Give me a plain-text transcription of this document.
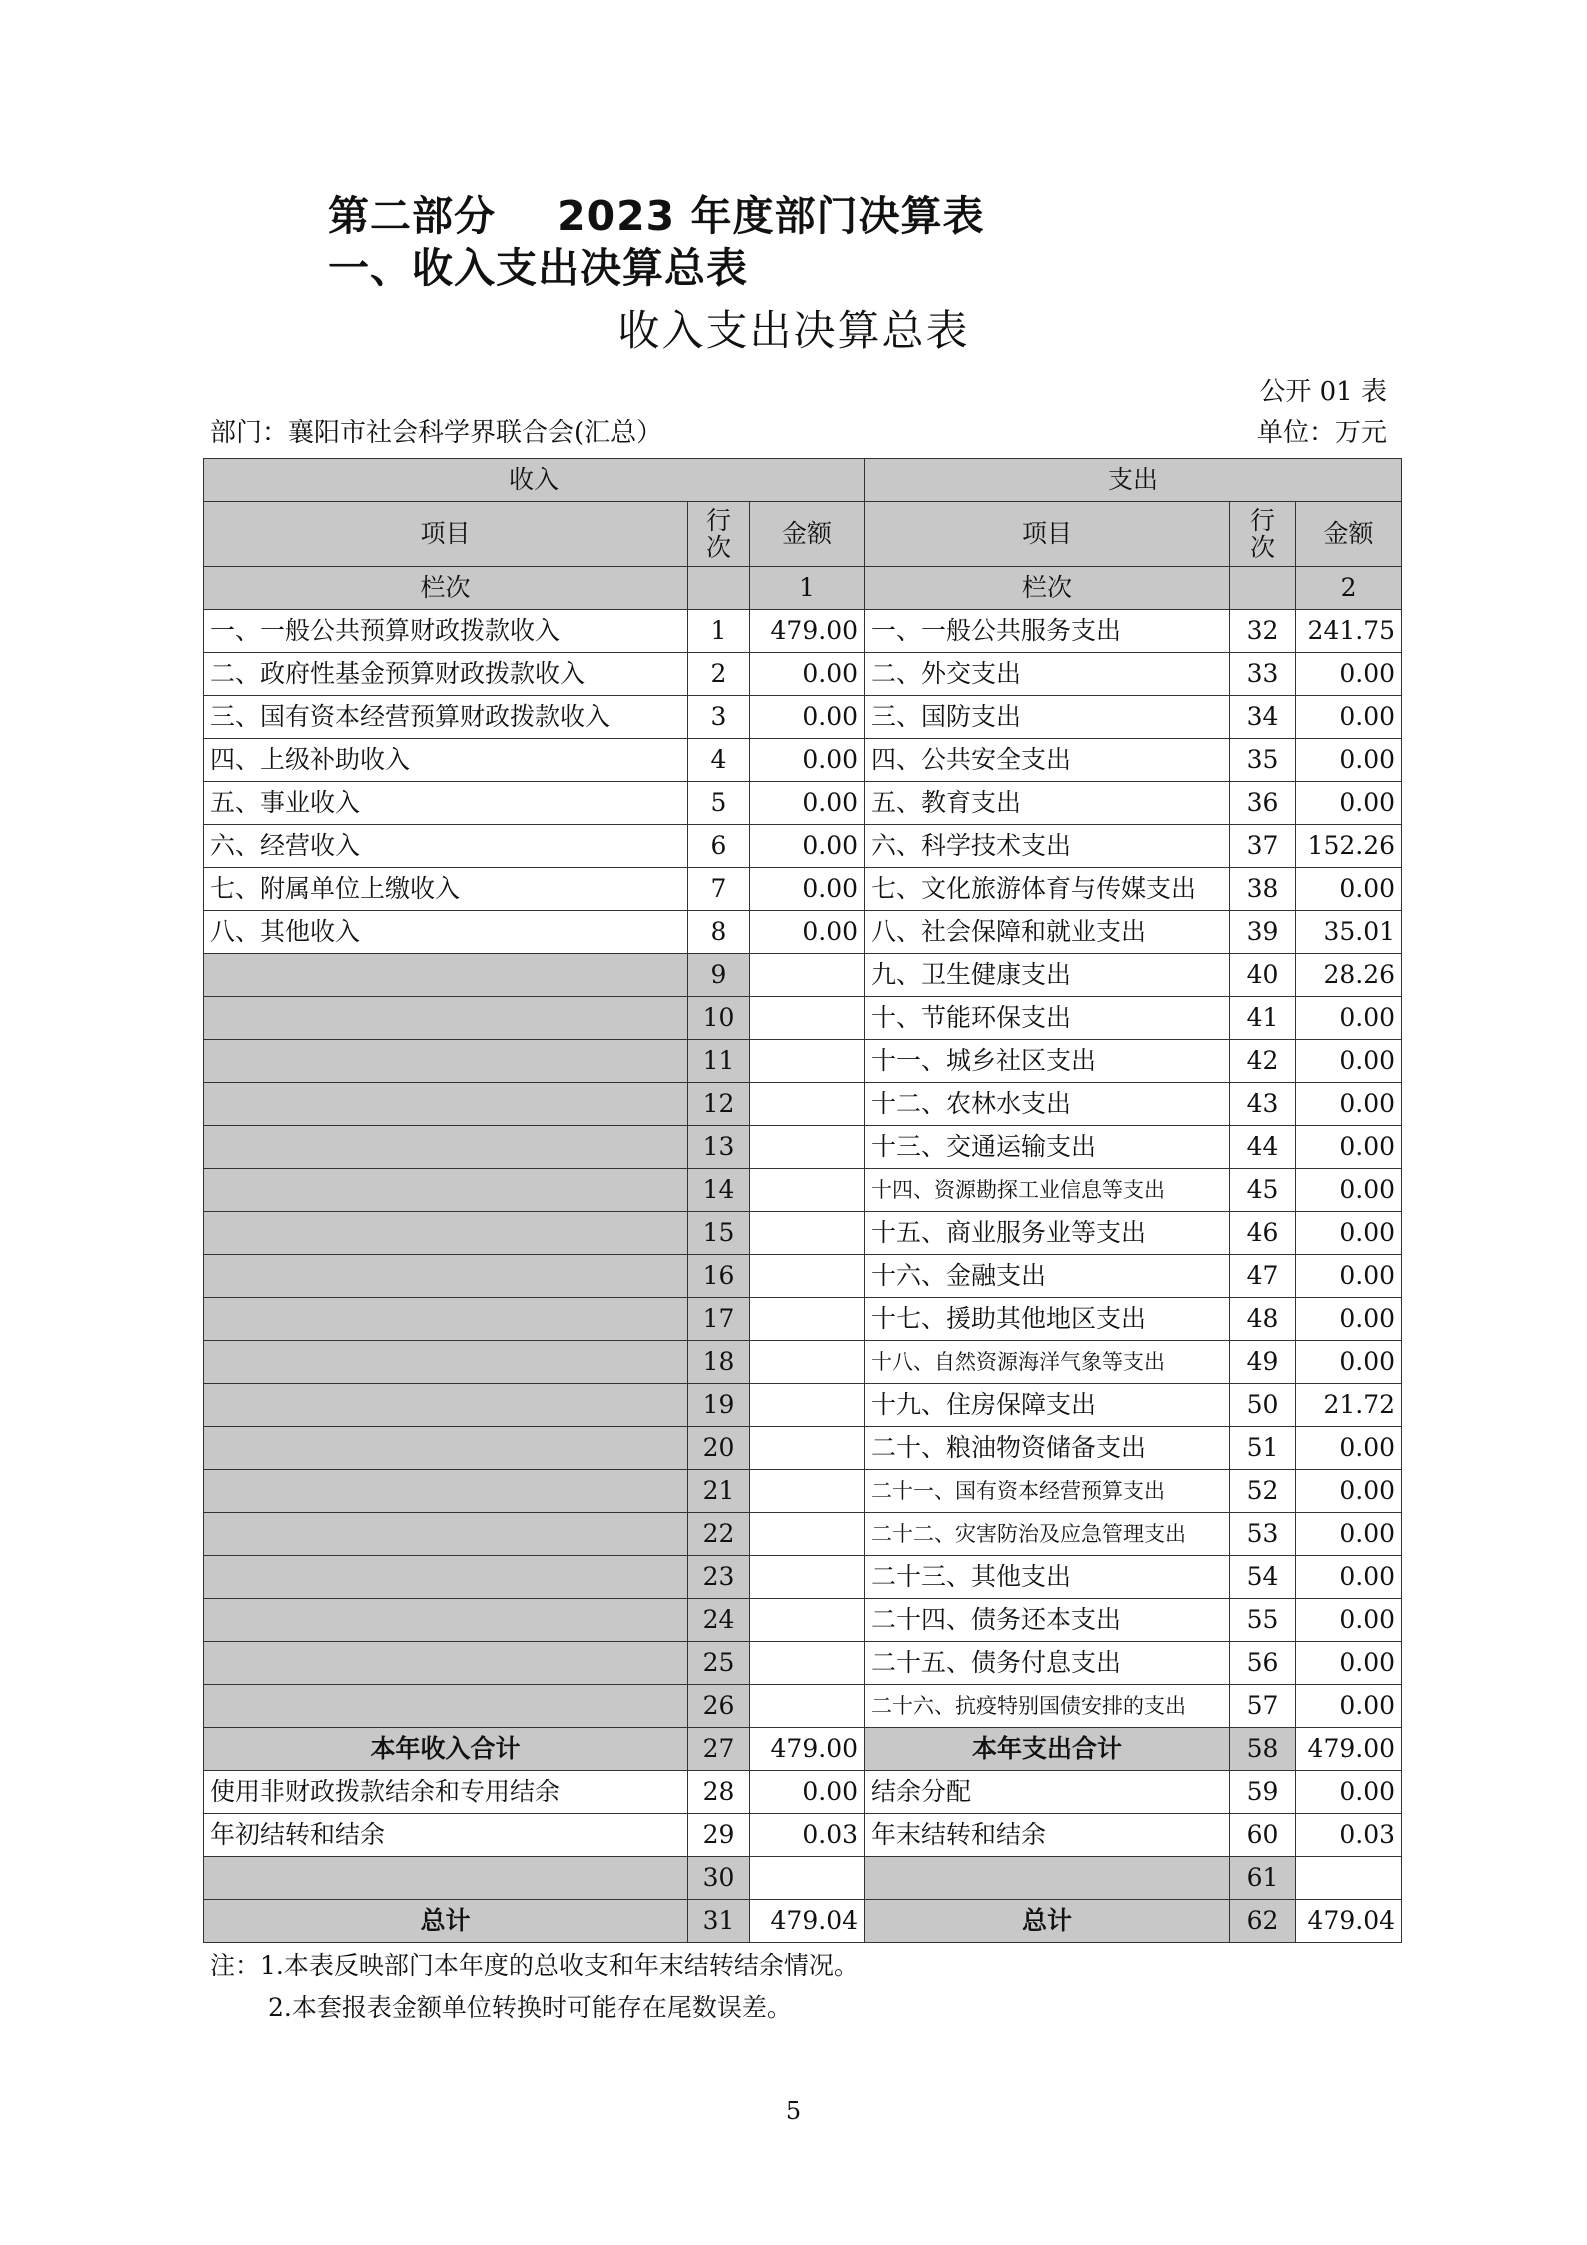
第二部分    2023 年度部门决算表
一、收入支出决算总表
收入支出决算总表
公开 01 表
部门：襄阳市社会科学界联合会(汇总）	单位：万元
收入			支出		
项目	行次	金额	项目	行次	金额
栏次		1	栏次		2
一、一般公共预算财政拨款收入	1	479.00	一、一般公共服务支出	32	241.75
二、政府性基金预算财政拨款收入	2	0.00	二、外交支出	33	0.00
三、国有资本经营预算财政拨款收入	3	0.00	三、国防支出	34	0.00
四、上级补助收入	4	0.00	四、公共安全支出	35	0.00
五、事业收入	5	0.00	五、教育支出	36	0.00
六、经营收入	6	0.00	六、科学技术支出	37	152.26
七、附属单位上缴收入	7	0.00	七、文化旅游体育与传媒支出	38	0.00
八、其他收入	8	0.00	八、社会保障和就业支出	39	35.01
	9		九、卫生健康支出	40	28.26
	10		十、节能环保支出	41	0.00
	11		十一、城乡社区支出	42	0.00
	12		十二、农林水支出	43	0.00
	13		十三、交通运输支出	44	0.00
	14		十四、资源勘探工业信息等支出	45	0.00
	15		十五、商业服务业等支出	46	0.00
	16		十六、金融支出	47	0.00
	17		十七、援助其他地区支出	48	0.00
	18		十八、自然资源海洋气象等支出	49	0.00
	19		十九、住房保障支出	50	21.72
	20		二十、粮油物资储备支出	51	0.00
	21		二十一、国有资本经营预算支出	52	0.00
	22		二十二、灾害防治及应急管理支出	53	0.00
	23		二十三、其他支出	54	0.00
	24		二十四、债务还本支出	55	0.00
	25		二十五、债务付息支出	56	0.00
	26		二十六、抗疫特别国债安排的支出	57	0.00
本年收入合计	27	479.00	本年支出合计	58	479.00
使用非财政拨款结余和专用结余	28	0.00	结余分配	59	0.00
年初结转和结余	29	0.03	年末结转和结余	60	0.03
	30			61	
总计	31	479.04	总计	62	479.04
注：1.本表反映部门本年度的总收支和年末结转结余情况。
2.本套报表金额单位转换时可能存在尾数误差。
5
